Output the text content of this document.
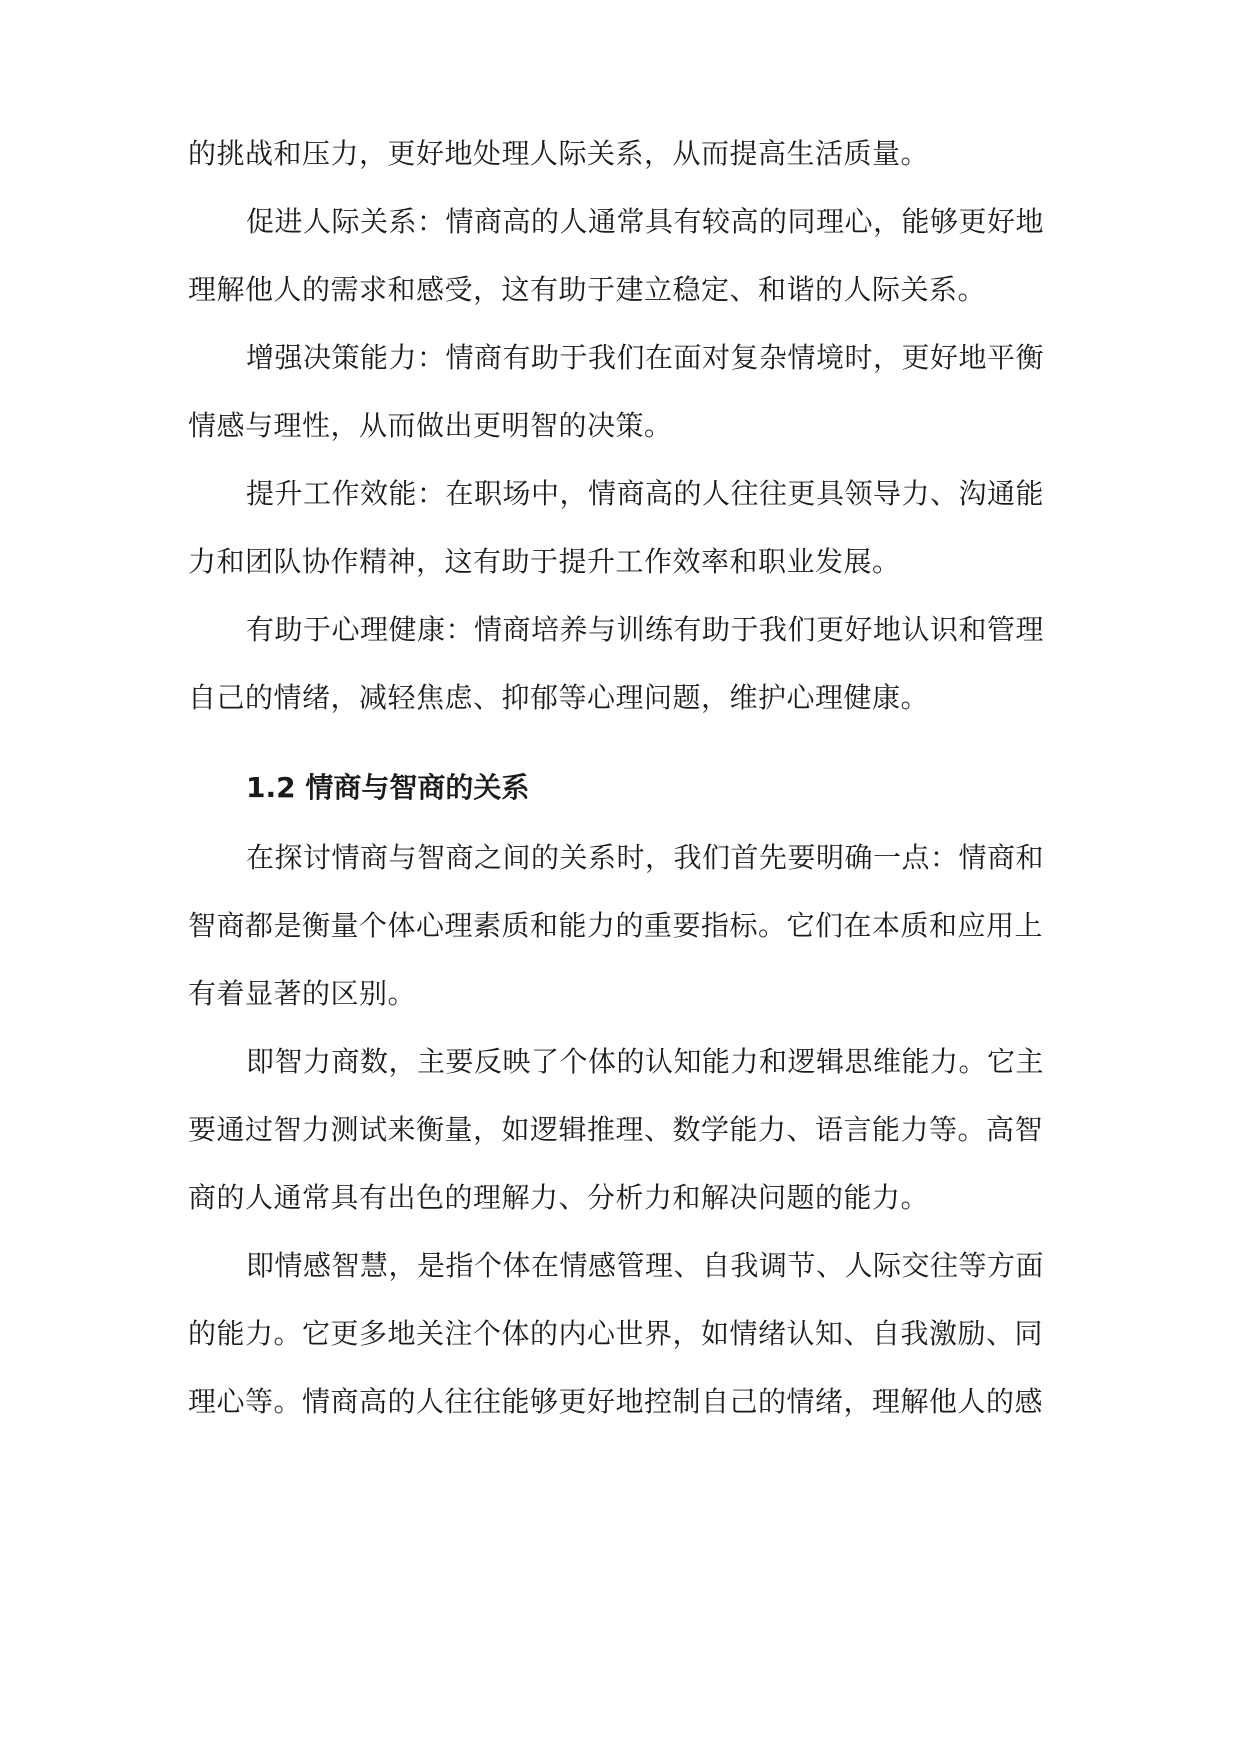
的挑战和压力，更好地处理人际关系，从而提高生活质量。
促进人际关系：情商高的人通常具有较高的同理心，能够更好地
理解他人的需求和感受，这有助于建立稳定、和谐的人际关系。
增强决策能力：情商有助于我们在面对复杂情境时，更好地平衡
情感与理性，从而做出更明智的决策。
提升工作效能：在职场中，情商高的人往往更具领导力、沟通能
力和团队协作精神，这有助于提升工作效率和职业发展。
有助于心理健康：情商培养与训练有助于我们更好地认识和管理
自己的情绪，减轻焦虑、抑郁等心理问题，维护心理健康。
1.2 情商与智商的关系
在探讨情商与智商之间的关系时，我们首先要明确一点：情商和
智商都是衡量个体心理素质和能力的重要指标。它们在本质和应用上
有着显著的区别。
即智力商数，主要反映了个体的认知能力和逻辑思维能力。它主
要通过智力测试来衡量，如逻辑推理、数学能力、语言能力等。高智
商的人通常具有出色的理解力、分析力和解决问题的能力。
即情感智慧，是指个体在情感管理、自我调节、人际交往等方面
的能力。它更多地关注个体的内心世界，如情绪认知、自我激励、同
理心等。情商高的人往往能够更好地控制自己的情绪，理解他人的感
